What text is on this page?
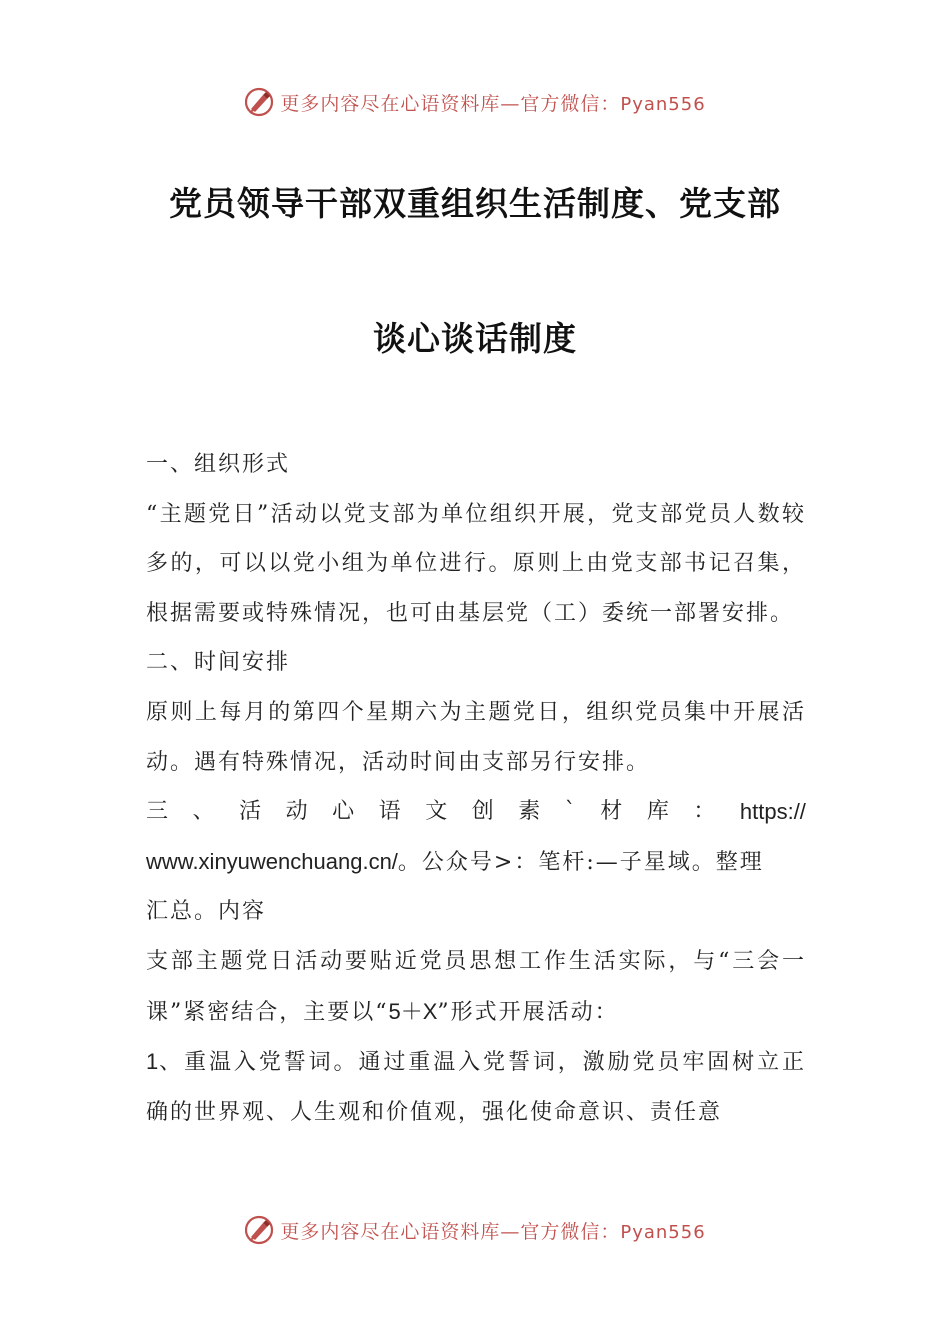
更多内容尽在心语资料库—官方微信：Pyan556
党员领导干部双重组织生活制度、党支部
谈心谈话制度

一、组织形式

“主题党日”活动以党支部为单位组织开展，党支部党员人数较多的，可以以党小组为单位进行。原则上由党支部书记召集，根据需要或特殊情况，也可由基层党（工）委统一部署安排。

二、时间安排

原则上每月的第四个星期六为主题党日，组织党员集中开展活动。遇有特殊情况，活动时间由支部另行安排。

三 、 活 动 心 语 文 创 素 ` 材 库 ： https://

www.xinyuwenchuang.cn/。公众号>：笔杆:—子星域。整理

汇总。内容

支部主题党日活动要贴近党员思想工作生活实际，与“三会一课”紧密结合，主要以“5＋X”形式开展活动：

1、重温入党誓词。通过重温入党誓词，激励党员牢固树立正确的世界观、人生观和价值观，强化使命意识、责任意

更多内容尽在心语资料库—官方微信：Pyan556
